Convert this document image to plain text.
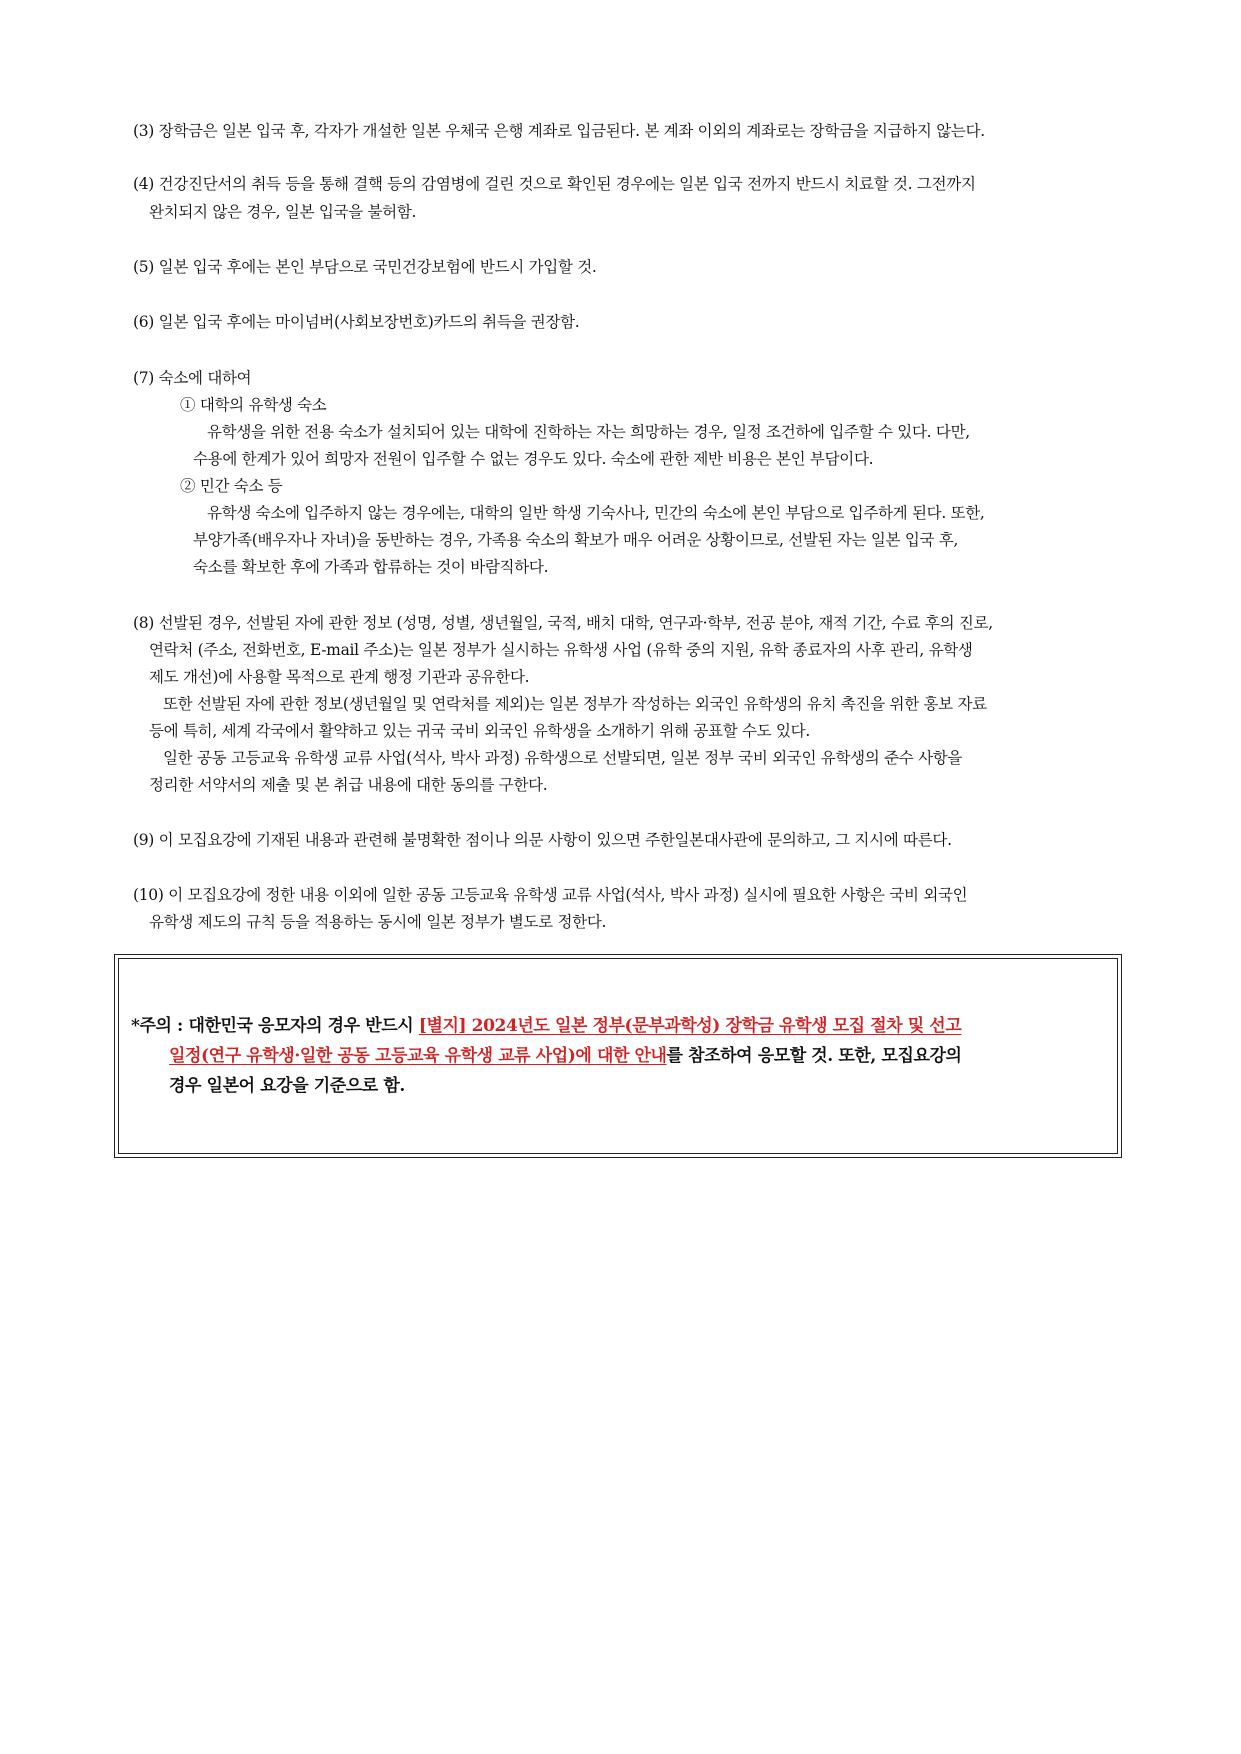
(3) 장학금은 일본 입국 후, 각자가 개설한 일본 우체국 은행 계좌로 입금된다. 본 계좌 이외의 계좌로는 장학금을 지급하지 않는다.
(4) 건강진단서의 취득 등을 통해 결핵 등의 감염병에 걸린 것으로 확인된 경우에는 일본 입국 전까지 반드시 치료할 것. 그전까지
완치되지 않은 경우, 일본 입국을 불허함.
(5) 일본 입국 후에는 본인 부담으로 국민건강보험에 반드시 가입할 것.
(6) 일본 입국 후에는 마이넘버(사회보장번호)카드의 취득을 권장함.
(7) 숙소에 대하여
① 대학의 유학생 숙소
유학생을 위한 전용 숙소가 설치되어 있는 대학에 진학하는 자는 희망하는 경우, 일정 조건하에 입주할 수 있다. 다만,
수용에 한계가 있어 희망자 전원이 입주할 수 없는 경우도 있다. 숙소에 관한 제반 비용은 본인 부담이다.
② 민간 숙소 등
유학생 숙소에 입주하지 않는 경우에는, 대학의 일반 학생 기숙사나, 민간의 숙소에 본인 부담으로 입주하게 된다. 또한,
부양가족(배우자나 자녀)을 동반하는 경우, 가족용 숙소의 확보가 매우 어려운 상황이므로, 선발된 자는 일본 입국 후,
숙소를 확보한 후에 가족과 합류하는 것이 바람직하다.
(8) 선발된 경우, 선발된 자에 관한 정보 (성명, 성별, 생년월일, 국적, 배치 대학, 연구과·학부, 전공 분야, 재적 기간, 수료 후의 진로,
연락처 (주소, 전화번호, E-mail 주소)는 일본 정부가 실시하는 유학생 사업 (유학 중의 지원, 유학 종료자의 사후 관리, 유학생
제도 개선)에 사용할 목적으로 관계 행정 기관과 공유한다.
또한 선발된 자에 관한 정보(생년월일 및 연락처를 제외)는 일본 정부가 작성하는 외국인 유학생의 유치 촉진을 위한 홍보 자료
등에 특히, 세계 각국에서 활약하고 있는 귀국 국비 외국인 유학생을 소개하기 위해 공표할 수도 있다.
일한 공동 고등교육 유학생 교류 사업(석사, 박사 과정) 유학생으로 선발되면, 일본 정부 국비 외국인 유학생의 준수 사항을
정리한 서약서의 제출 및 본 취급 내용에 대한 동의를 구한다.
(9) 이 모집요강에 기재된 내용과 관련해 불명확한 점이나 의문 사항이 있으면 주한일본대사관에 문의하고, 그 지시에 따른다.
(10) 이 모집요강에 정한 내용 이외에 일한 공동 고등교육 유학생 교류 사업(석사, 박사 과정) 실시에 필요한 사항은 국비 외국인
유학생 제도의 규칙 등을 적용하는 동시에 일본 정부가 별도로 정한다.
*주의 : 대한민국 응모자의 경우 반드시 [별지] 2024년도 일본 정부(문부과학성) 장학금 유학생 모집 절차 및 선고
일정(연구 유학생·일한 공동 고등교육 유학생 교류 사업)에 대한 안내를 참조하여 응모할 것. 또한, 모집요강의
경우 일본어 요강을 기준으로 함.
